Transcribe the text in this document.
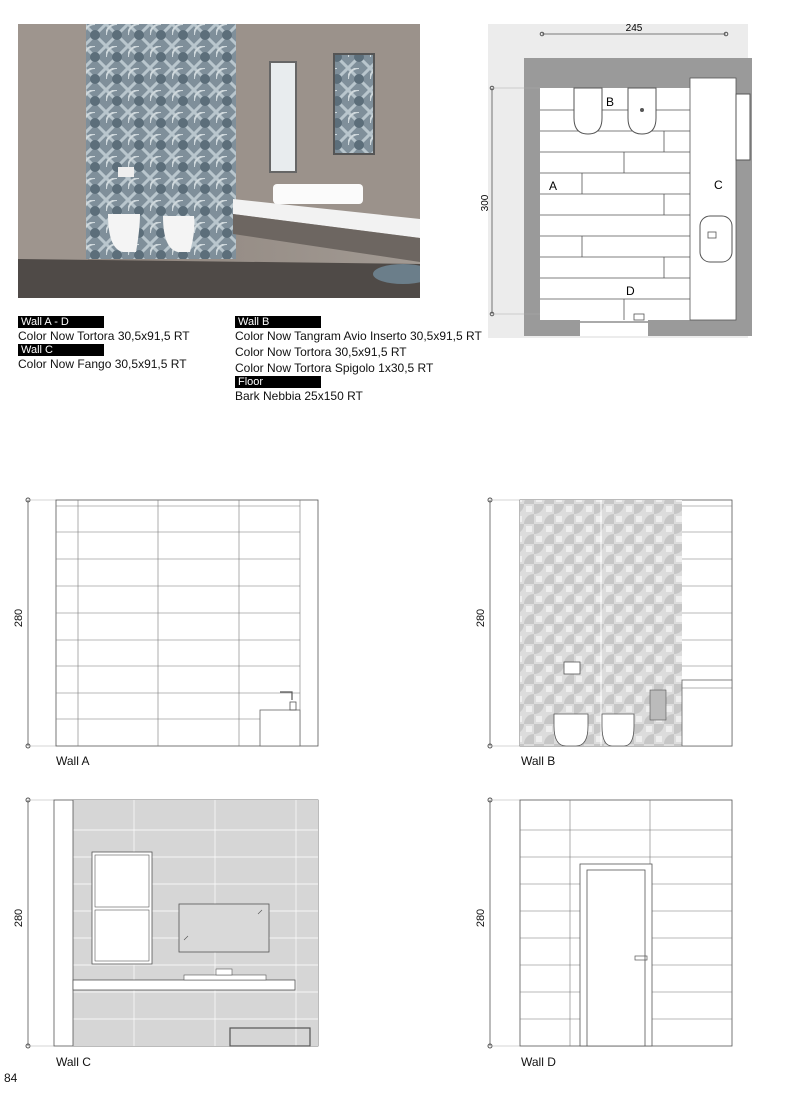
245
300
B
A	C
D
Wall A - D
Color Now Tortora 30,5x91,5 RT
Wall C
Color Now Fango 30,5x91,5 RT
Wall B
Color Now Tangram Avio Inserto 30,5x91,5 RT
Color Now Tortora 30,5x91,5 RT
Color Now Tortora Spigolo 1x30,5 RT
Floor
Bark Nebbia 25x150 RT
280
Wall A
280
Wall B
280
Wall C
280
Wall D
84
